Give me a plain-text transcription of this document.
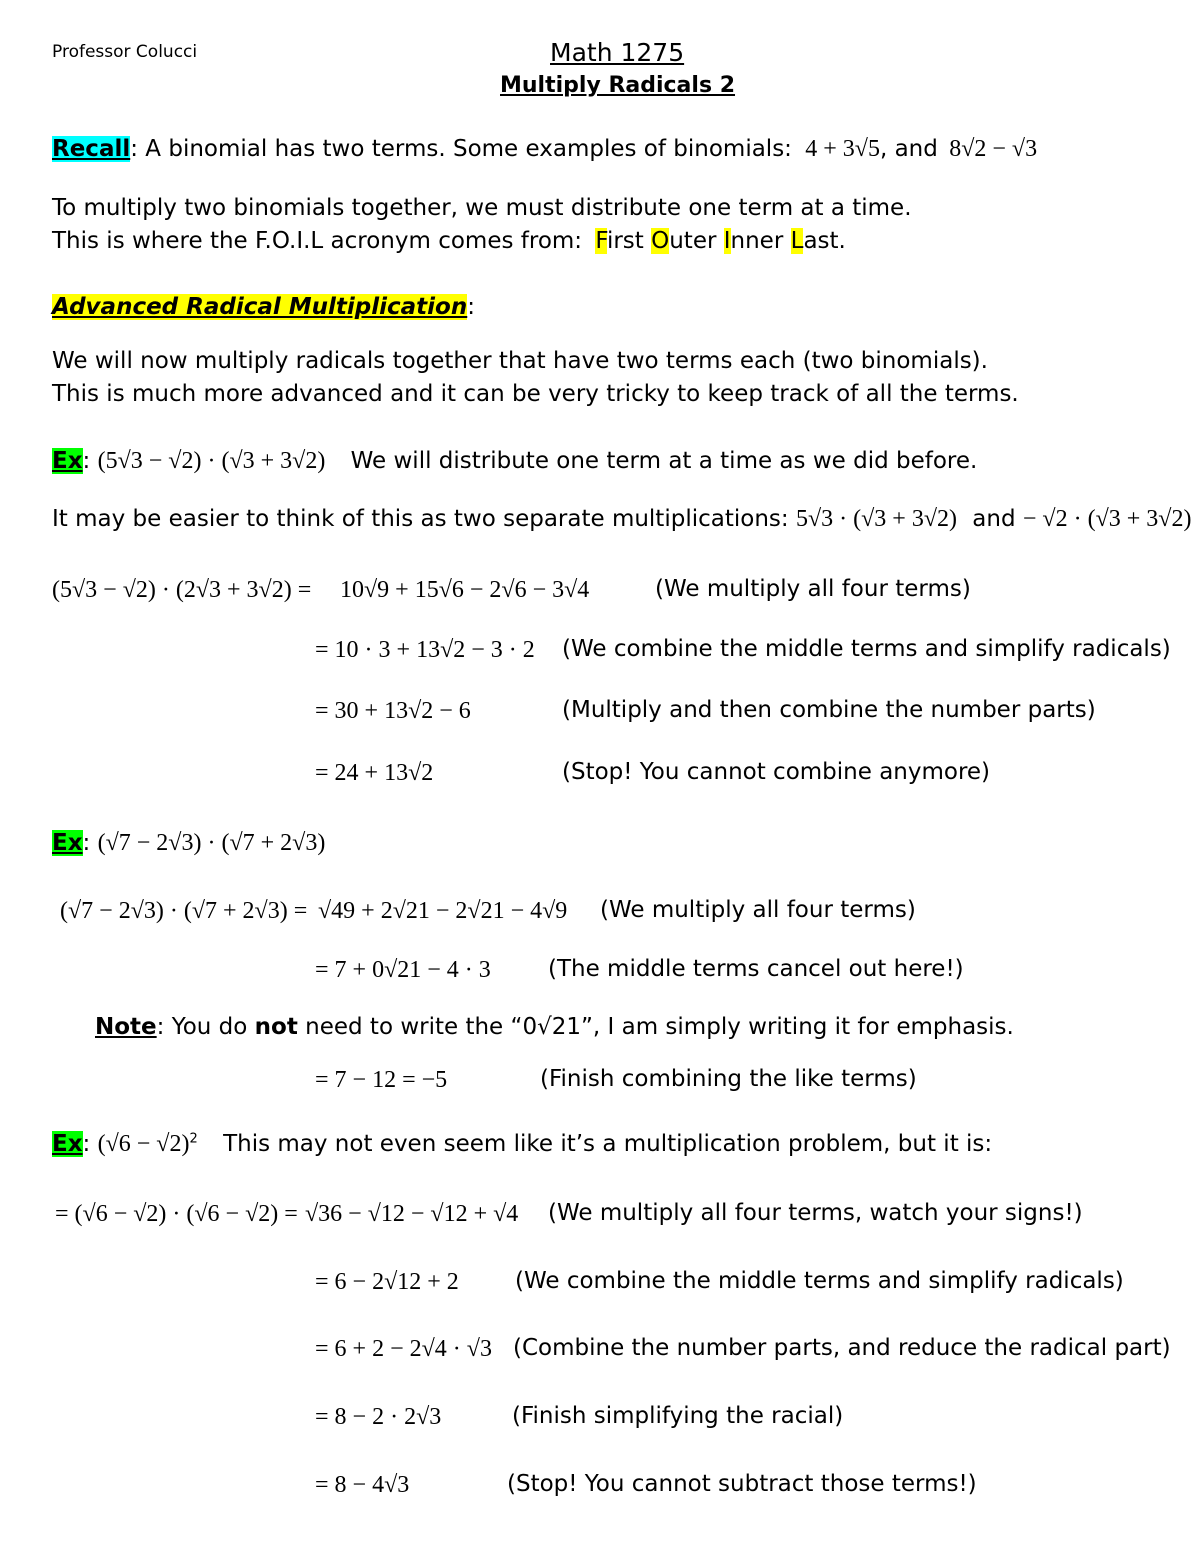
Professor Colucci	Math 1275
Multiply Radicals 2
Recall: A binomial has two terms. Some examples of binomials: 4 + 3√5, and 8√2 − √3
To multiply two binomials together, we must distribute one term at a time.
This is where the F.O.I.L acronym comes from: First Outer Inner Last.
Advanced Radical Multiplication:
We will now multiply radicals together that have two terms each (two binomials).
This is much more advanced and it can be very tricky to keep track of all the terms.
Ex: (5√3 − √2) · (√3 + 3√2) We will distribute one term at a time as we did before.
It may be easier to think of this as two separate multiplications: 5√3 · (√3 + 3√2) and − √2 · (√3 + 3√2)
(5√3 − √2) · (2√3 + 3√2) = 10√9 + 15√6 − 2√6 − 3√4	(We multiply all four terms)
= 10 · 3 + 13√2 − 3 · 2 (We combine the middle terms and simplify radicals)
= 30 + 13√2 − 6	(Multiply and then combine the number parts)
= 24 + 13√2	(Stop! You cannot combine anymore)
Ex: (√7 − 2√3) · (√7 + 2√3)
(√7 − 2√3) · (√7 + 2√3) = √49 + 2√21 − 2√21 − 4√9 (We multiply all four terms)
= 7 + 0√21 − 4 · 3 (The middle terms cancel out here!)
Note: You do not need to write the “0√21”, I am simply writing it for emphasis.
= 7 − 12 = −5	(Finish combining the like terms)
Ex: $(√6 - √2)^2$ This may not even seem like it’s a multiplication problem, but it is:
= (√6 − √2) · (√6 − √2) = √36 − √12 − √12 + √4 (We multiply all four terms, watch your signs!)
= 6 − 2√12 + 2 (We combine the middle terms and simplify radicals)
= 6 + 2 − 2√4 · √3 (Combine the number parts, and reduce the radical part)
= 8 − 2 · 2√3	(Finish simplifying the racial)
= 8 − 4√3	(Stop! You cannot subtract those terms!)
